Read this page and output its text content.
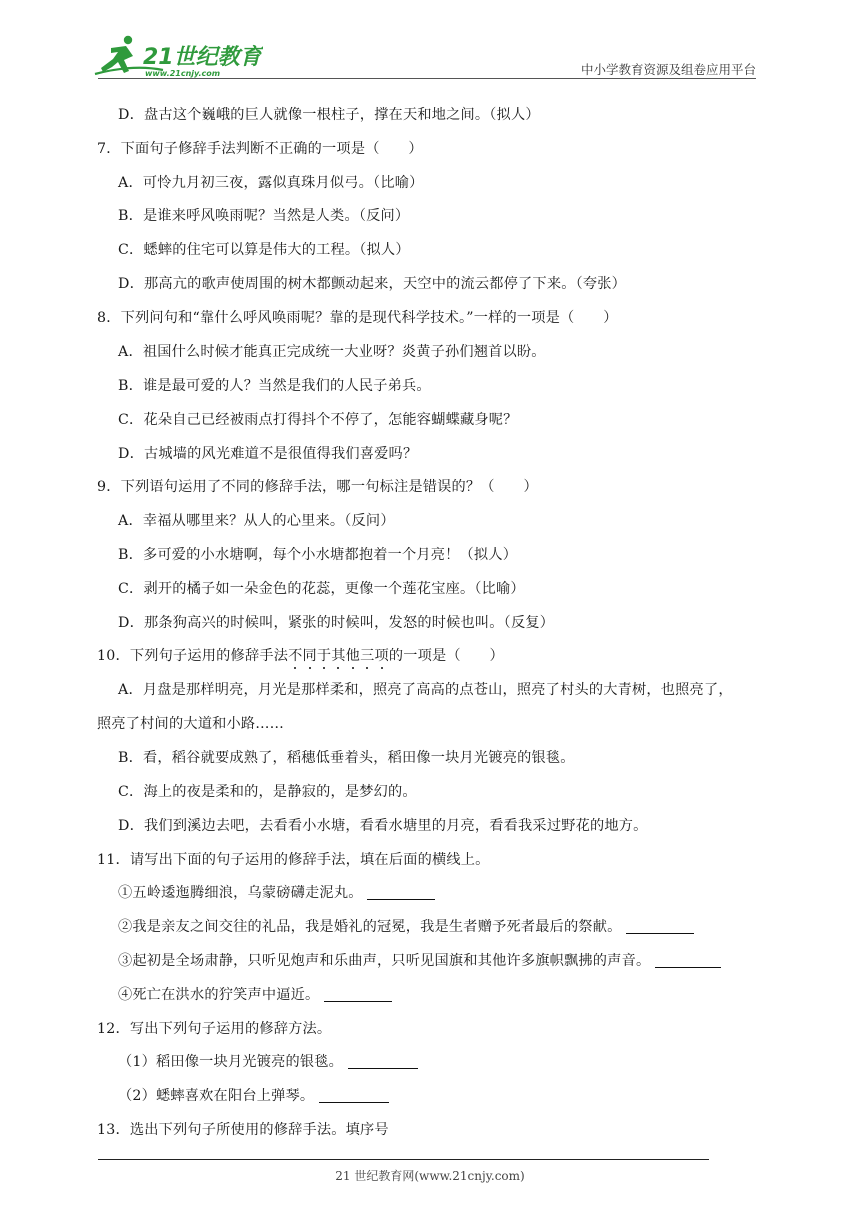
21世纪教育
www.21cnjy.com	中小学教育资源及组卷应用平台
D．盘古这个巍峨的巨人就像一根柱子，撑在天和地之间。（拟人）
7．下面句子修辞手法判断不正确的一项是（　　）
A．可怜九月初三夜，露似真珠月似弓。（比喻）
B．是谁来呼风唤雨呢？当然是人类。（反问）
C．蟋蟀的住宅可以算是伟大的工程。（拟人）
D．那高亢的歌声使周围的树木都颤动起来，天空中的流云都停了下来。（夸张）
8．下列问句和“靠什么呼风唤雨呢？靠的是现代科学技术。”一样的一项是（　　）
A．祖国什么时候才能真正完成统一大业呀？炎黄子孙们翘首以盼。
B．谁是最可爱的人？当然是我们的人民子弟兵。
C．花朵自己已经被雨点打得抖个不停了，怎能容蝴蝶藏身呢？
D．古城墙的风光难道不是很值得我们喜爱吗？
9．下列语句运用了不同的修辞手法，哪一句标注是错误的？（　　）
A．幸福从哪里来？从人的心里来。（反问）
B．多可爱的小水塘啊，每个小水塘都抱着一个月亮！（拟人）
C．剥开的橘子如一朵金色的花蕊，更像一个莲花宝座。（比喻）
D．那条狗高兴的时候叫，紧张的时候叫，发怒的时候也叫。（反复）
10．下列句子运用的修辞手法不同于其他三项的一项是（　　）
A．月盘是那样明亮，月光是那样柔和，照亮了高高的点苍山，照亮了村头的大青树，也照亮了，
照亮了村间的大道和小路……
B．看，稻谷就要成熟了，稻穗低垂着头，稻田像一块月光镀亮的银毯。
C．海上的夜是柔和的，是静寂的，是梦幻的。
D．我们到溪边去吧，去看看小水塘，看看水塘里的月亮，看看我采过野花的地方。
11．请写出下面的句子运用的修辞手法，填在后面的横线上。
①五岭逶迤腾细浪，乌蒙磅礴走泥丸。
②我是亲友之间交往的礼品，我是婚礼的冠冕，我是生者赠予死者最后的祭献。
③起初是全场肃静，只听见炮声和乐曲声，只听见国旗和其他许多旗帜飘拂的声音。
④死亡在洪水的狞笑声中逼近。
12．写出下列句子运用的修辞方法。
（1）稻田像一块月光镀亮的银毯。
（2）蟋蟀喜欢在阳台上弹琴。
13．选出下列句子所使用的修辞手法。填序号
21 世纪教育网(www.21cnjy.com)
